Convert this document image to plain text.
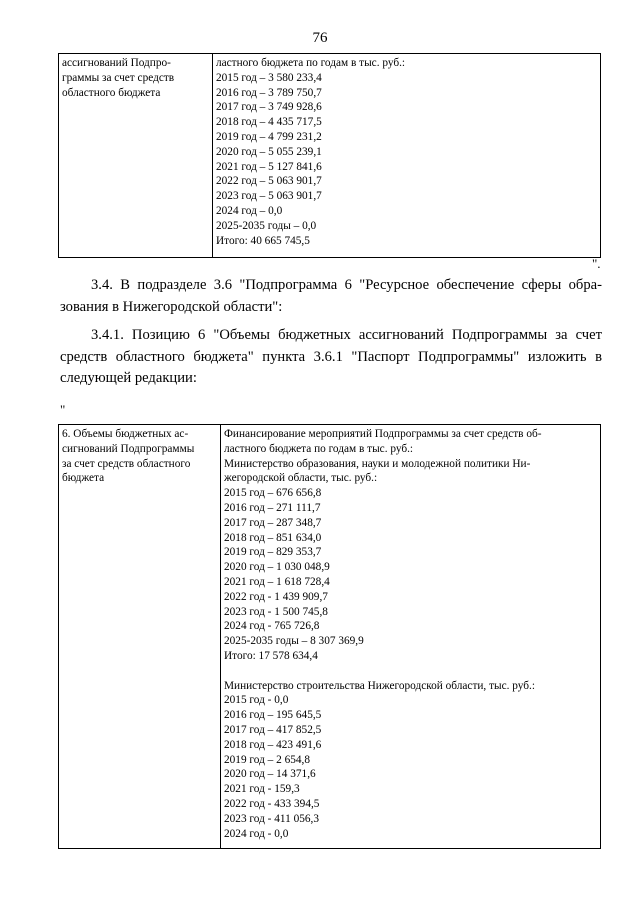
76
ассигнований Подпро-
граммы за счет средств
областного бюджета

ластного бюджета по годам в тыс. руб.:
2015 год – 3 580 233,4
2016 год – 3 789 750,7
2017 год – 3 749 928,6
2018 год – 4 435 717,5
2019 год – 4 799 231,2
2020 год – 5 055 239,1
2021 год – 5 127 841,6
2022 год – 5 063 901,7
2023 год – 5 063 901,7
2024 год – 0,0
2025-2035 годы – 0,0
Итого: 40 665 745,5
".
3.4. В подразделе 3.6 "Подпрограмма 6 "Ресурсное обеспечение сферы обра-
зования в Нижегородской области":
3.4.1. Позицию 6 "Объемы бюджетных ассигнований Подпрограммы за счет
средств областного бюджета" пункта 3.6.1 "Паспорт Подпрограммы" изложить в
следующей редакции:
"
6. Объемы бюджетных ас-
сигнований Подпрограммы
за счет средств областного
бюджета

Финансирование мероприятий Подпрограммы за счет средств об-
ластного бюджета по годам в тыс. руб.:
Министерство образования, науки и молодежной политики Ни-
жегородской области, тыс. руб.:
2015 год – 676 656,8
2016 год – 271 111,7
2017 год – 287 348,7
2018 год – 851 634,0
2019 год – 829 353,7
2020 год – 1 030 048,9
2021 год – 1 618 728,4
2022 год - 1 439 909,7
2023 год - 1 500 745,8
2024 год - 765 726,8
2025-2035 годы – 8 307 369,9
Итого: 17 578 634,4
Министерство строительства Нижегородской области, тыс. руб.:
2015 год - 0,0
2016 год – 195 645,5
2017 год – 417 852,5
2018 год – 423 491,6
2019 год – 2 654,8
2020 год – 14 371,6
2021 год - 159,3
2022 год - 433 394,5
2023 год - 411 056,3
2024 год - 0,0
